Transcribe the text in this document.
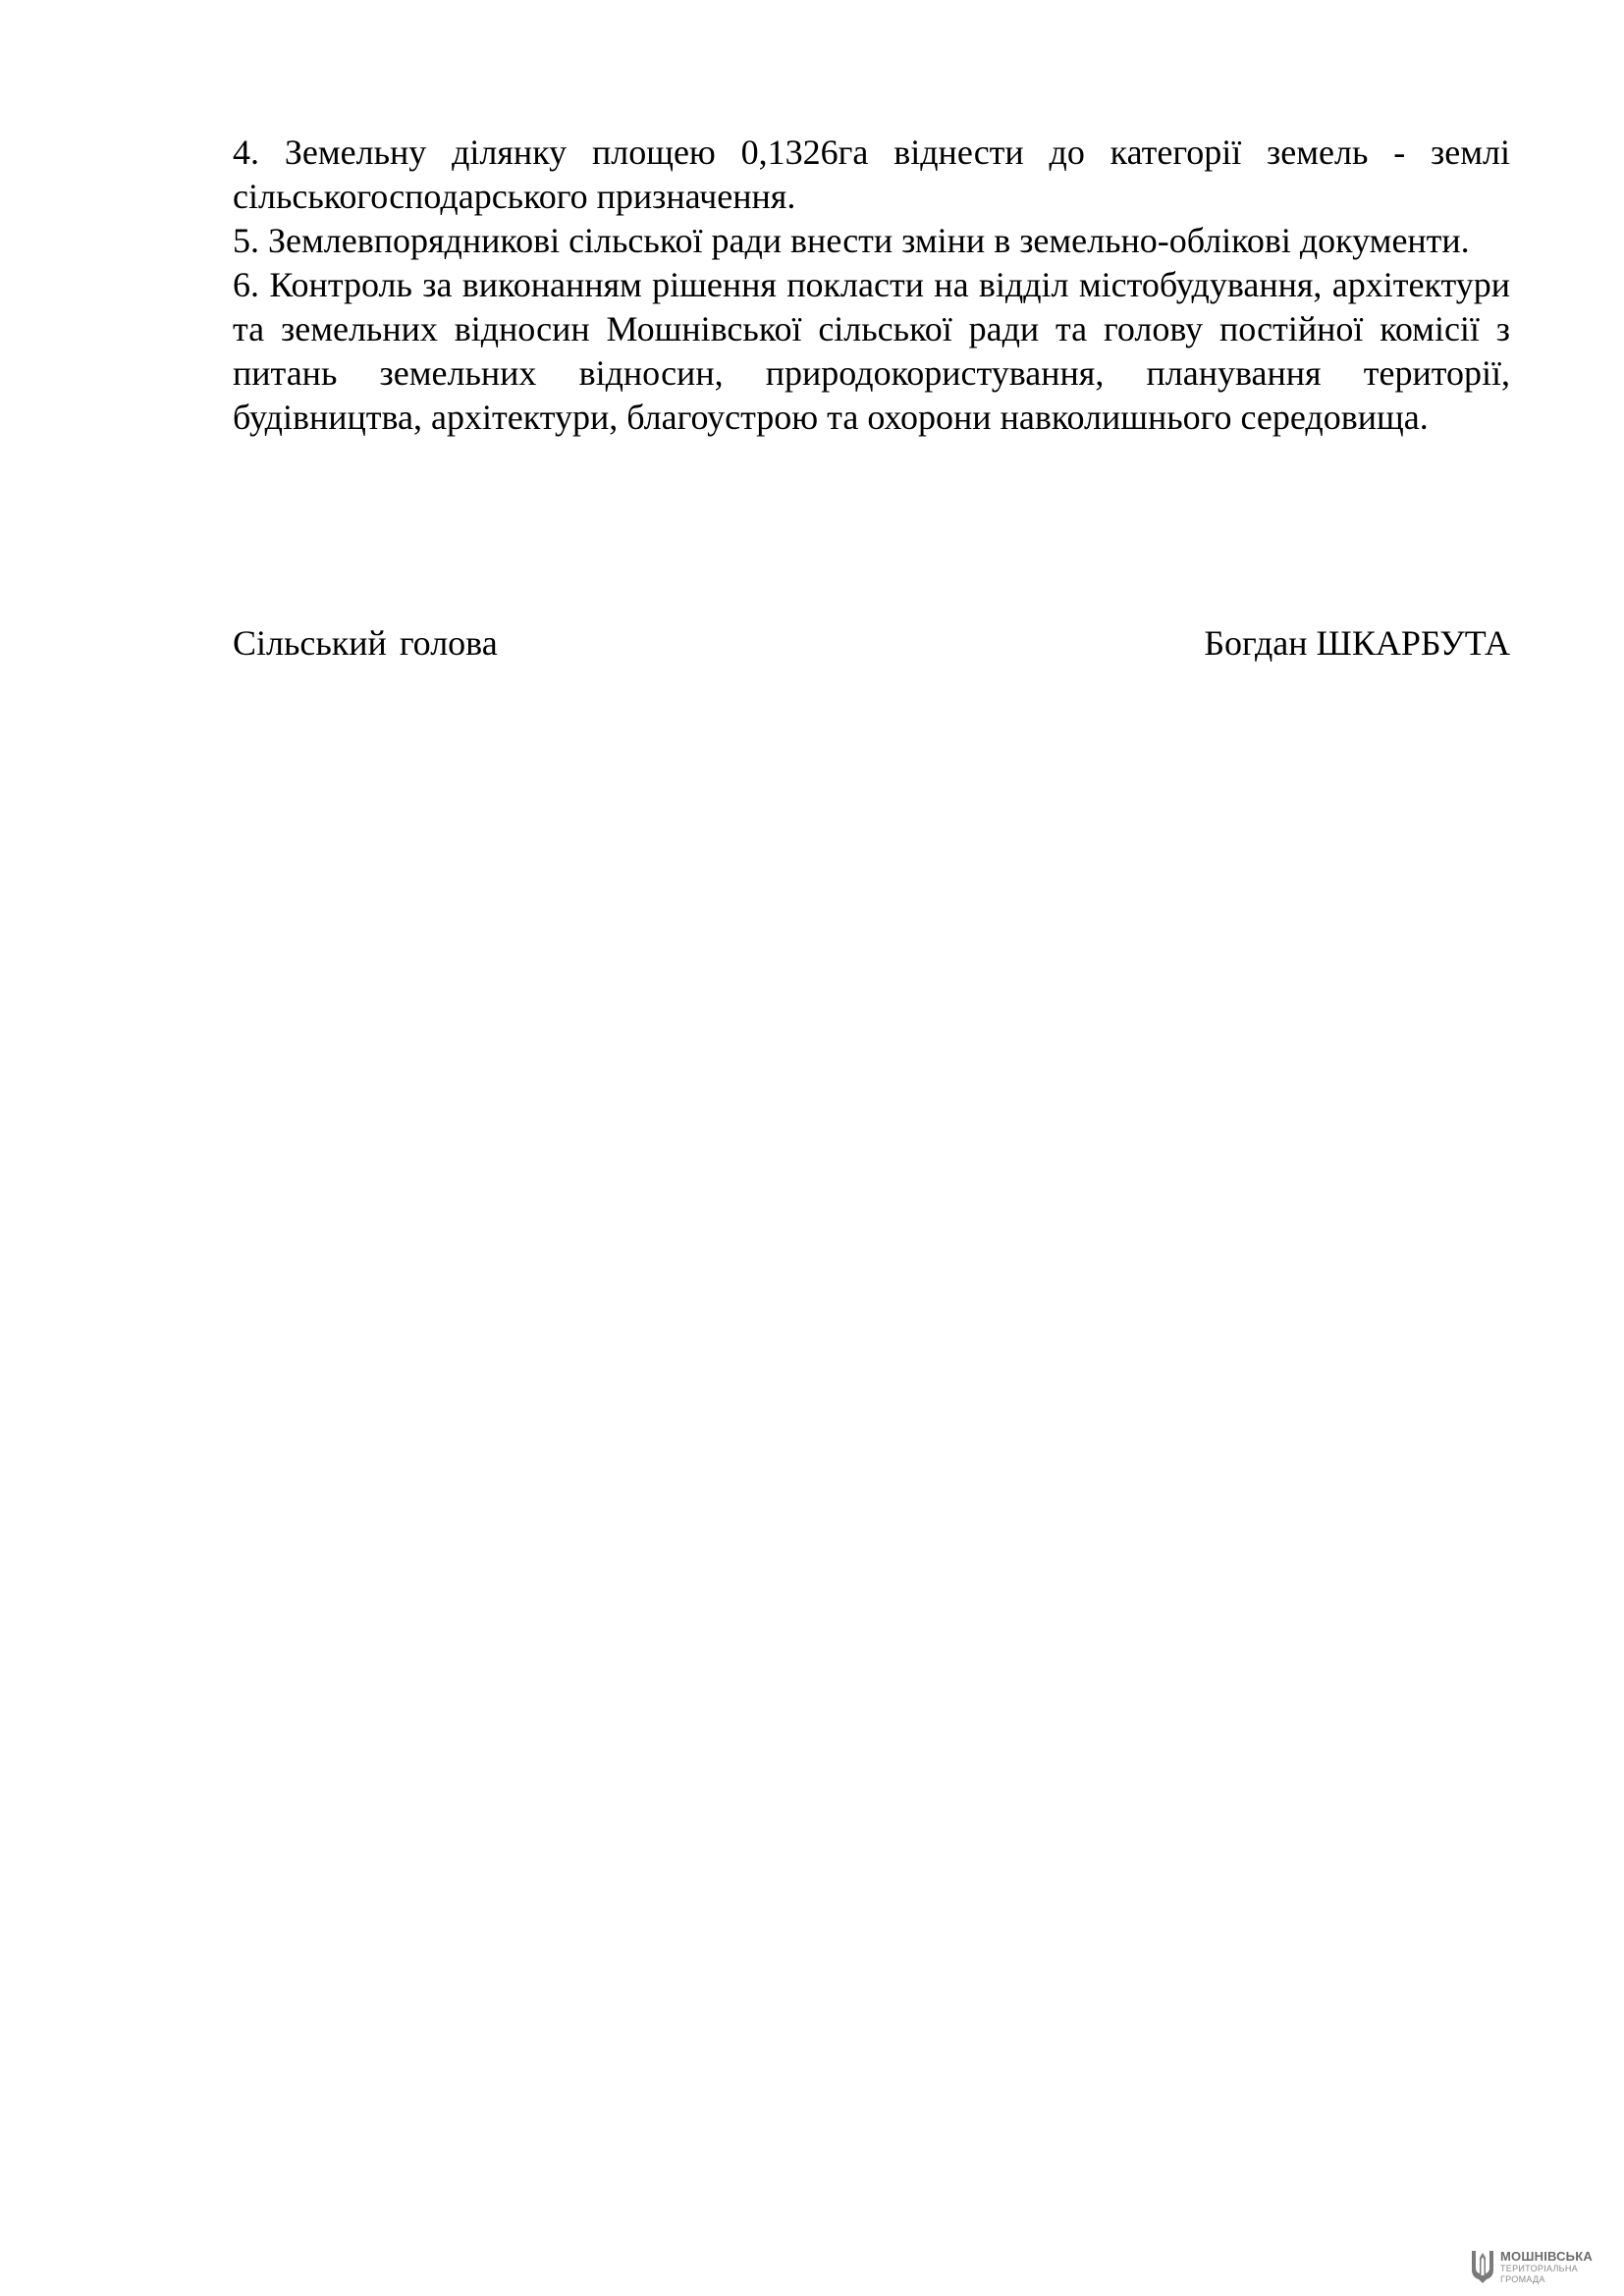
4. Земельну ділянку площею 0,1326га віднести до категорії земель - землі сільськогосподарського призначення.

5. Землевпорядникові сільської ради внести зміни в земельно-облікові документи.

6. Контроль за виконанням рішення покласти на відділ містобудування, архітектури та земельних відносин Мошнівської сільської ради та голову постійної комісії з питань земельних відносин, природокористування, планування території, будівництва, архітектури, благоустрою та охорони навколишнього середовища.

Сільський голова	Богдан ШКАРБУТА
МОШНІВСЬКА
ТЕРИТОРІАЛЬНА
ГРОМАДА
